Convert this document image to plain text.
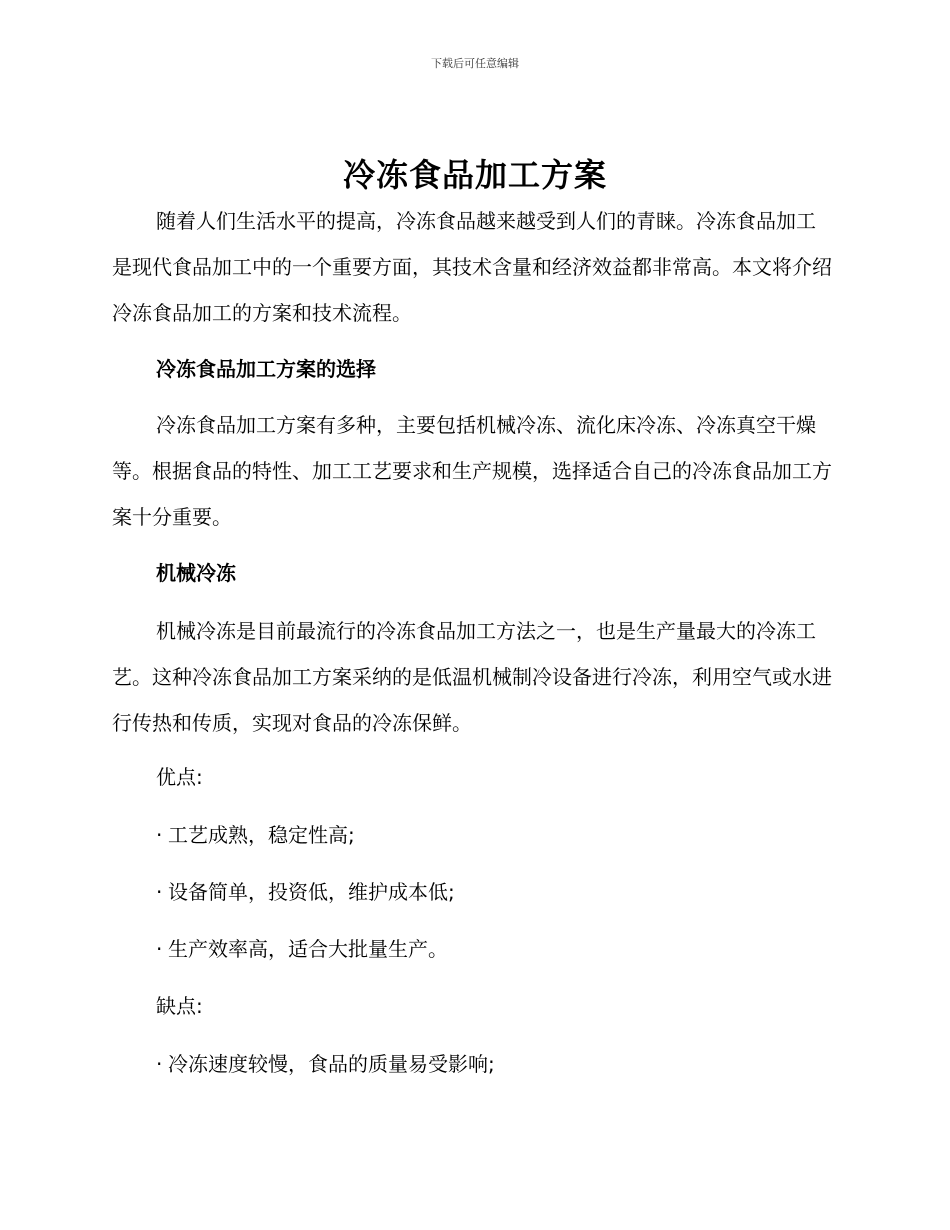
下载后可任意编辑
冷冻食品加工方案

随着人们生活水平的提高，冷冻食品越来越受到人们的青睐。冷冻食品加工是现代食品加工中的一个重要方面，其技术含量和经济效益都非常高。本文将介绍冷冻食品加工的方案和技术流程。

冷冻食品加工方案的选择

冷冻食品加工方案有多种，主要包括机械冷冻、流化床冷冻、冷冻真空干燥等。根据食品的特性、加工工艺要求和生产规模，选择适合自己的冷冻食品加工方案十分重要。

机械冷冻

机械冷冻是目前最流行的冷冻食品加工方法之一，也是生产量最大的冷冻工艺。这种冷冻食品加工方案采纳的是低温机械制冷设备进行冷冻，利用空气或水进行传热和传质，实现对食品的冷冻保鲜。

优点:

· 工艺成熟，稳定性高;

· 设备简单，投资低，维护成本低;

· 生产效率高，适合大批量生产。

缺点:

· 冷冻速度较慢，食品的质量易受影响;
